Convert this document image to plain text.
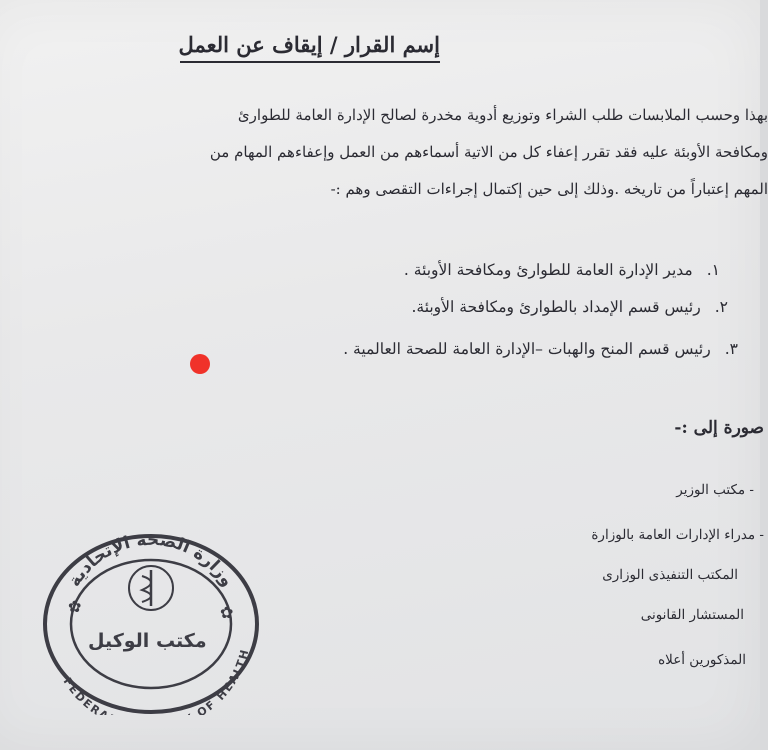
إسم القرار / إيقاف عن العمل
بهذا وحسب الملابسات طلب الشراء وتوزيع أدوية مخدرة لصالح الإدارة العامة للطوارئ
ومكافحة الأوبئة عليه فقد تقرر إعفاء كل من الاتية أسماءهم من العمل وإعفاءهم المهام من
المهم إعتباراً من تاريخه .وذلك إلى حين إكتمال إجراءات التقصى وهم :-
١.مدير الإدارة العامة للطوارئ ومكافحة الأوبئة .
٢.رئيس قسم الإمداد بالطوارئ ومكافحة الأوبئة.
٣.رئيس قسم المنح والهبات –الإدارة العامة للصحة العالمية .
صورة إلى :-
- مكتب الوزير
- مدراء الإدارات العامة بالوزارة
المكتب التنفيذى الوزارى
المستشار القانونى
المذكورين أعلاه
وزارة الصحة الإتحادية
FEDER OF HEALTH
✿	✿
مكتب الوكيل
